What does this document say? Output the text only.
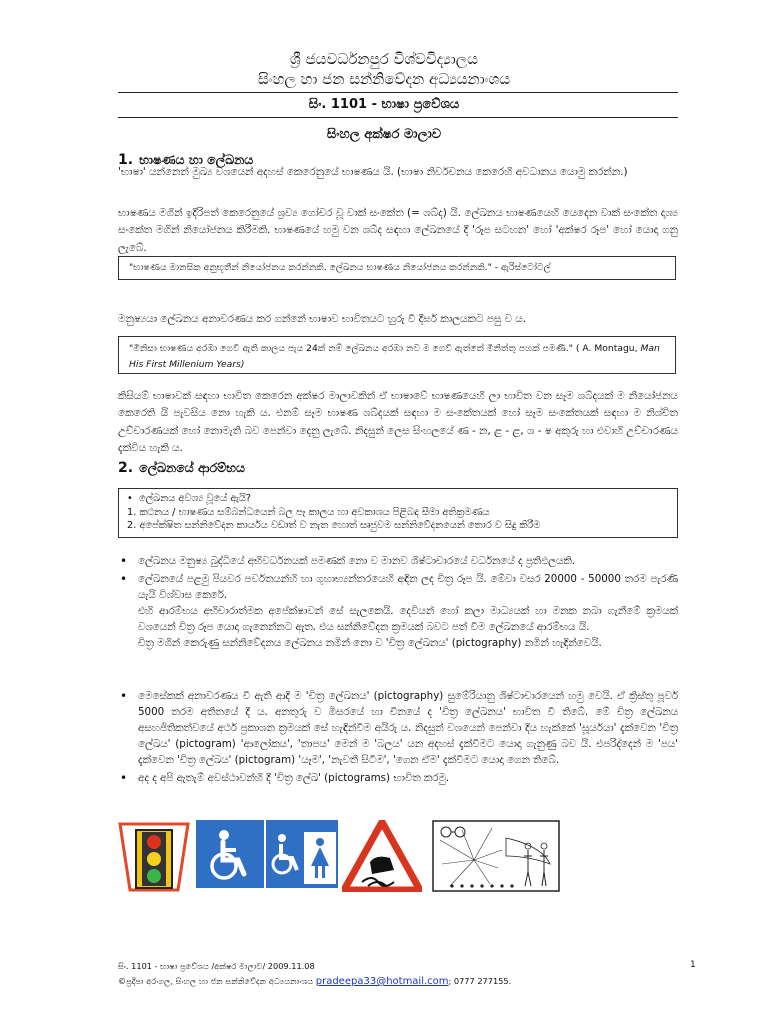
ශ්‍රී ජයවර්ධනපුර විශ්වවිද්‍යාලය
සිංහල හා ජන සන්නිවේදන අධ්‍යයනාංශය
සිං. 1101 - භාෂා ප්‍රවේශය
සිංහල අක්ෂර මාලාව
1. භාෂණය හා ලේඛනය
'භාෂා' යන්නෙන් මුඛ්‍ය වශයෙන් අදහස් කෙරෙනුයේ භාෂණය යි. (භාෂා නිර්වචනය කෙරෙහි අවධානය යොමු කරන්න.)
භාෂණය මගින් ඉදිරිපත් කෙරෙනුයේ ශ්‍රව්‍ය ගෝචර වූ වාක් සංකේත (= ශබ්ද) යි. ලේඛනය භාෂණයෙහි යෙදෙන වාක් සංකේත දෘශ්‍ය සංකේත මගින් නියෝජනය කිරීමකි. භාෂණයේ හමු වන ශබ්ද සඳහා ලේඛනයේ දී 'රූප සටහන' හෝ 'අක්ෂර රූප' හෝ යොදා ගනු ලැබේ.
"භාෂණය මානසික අනුභූතීන් නියෝජනය කරන්නකි. ලේඛනය භාෂණය නියෝජනය කරන්නකි." - ඇරිස්ටෝටල්
මනුෂ්‍යයා ලේඛනය අනාවරණය කර ගන්නේ භාෂාව භාවිතයට හුරු වී දීර්ඝ කාලයකට පසු ව ය.
"මිනිසා භාෂණය අරඹා ගෙවී ඇති කාලය පැය 24ක් නම් ලේඛනය අරඹා නව ම ගෙවී ඇත්තේ මිනිත්තු පහක් පමණි." ( A. Montagu, Man His First Millenium Years)
කිසියම් භාෂාවක් සඳහා භාවිත කෙරෙන අක්ෂර මාලාවකින් ඒ භාෂාවේ භාෂණයෙහි ලා භාවිත වන සෑම ශබ්දයක් ම නියෝජනය කෙරෙති යි පැවසිය නො හැකි ය. එනම් සෑම භාෂණ ශබ්දයක් සඳහා ම සංකේතයක් හෝ සෑම සංකේතයක් සඳහා ම නිශ්චිත උච්චාරණයක් හෝ නොමැති බව පෙන්වා දෙනු ලැබේ. නිදසුන් ලෙස සිංහලයේ ණ - න, ළ - ළ, ශ - ෂ අකුරු හා එවාහි උච්චාරණය දැක්විය හැකි ය.
2. ලේඛනයේ ආරම්භය
•  ලේඛනය අවශ්‍ය වූයේ ඇයි?
1. කථනය / භාෂණය සම්බන්ධයෙන් බල පෑ කාලය හා අවකාශය පිළිබඳ සීමා අතික්‍රමණය
2. අපේක්ෂිත සන්නිවේදන කාර්යය වඩාත් ව නැත හොත් සෘජුවම සන්නිවේදනයෙන් තොර ව සිදු කිරීම
• ලේඛනය මනුෂ්‍ය බුද්ධියේ අභිවර්ධනයක් පමණක් නො ව මානව ශිෂ්ටාචාරයේ වර්ධනයේ ද ප්‍රතිඵලයකි.
• ලේඛනයේ පළමු පියවර පර්වතයන්හි හා ගුහාභ්‍යන්තරයෙහි අඳින ලද චිත්‍ර රූප යි. මේවා වසර 20000 - 50000 තරම පැරණි යැයි විශ්වාස කෙරේ.
එහි ආරම්භය අභිචාරාත්මක අපේක්ෂාවන් සේ සැලකෙයි. දෙවියන් හෝ කලා මාධ්‍යයක් හා මනක නබා ගැනීමේ ක්‍රමයක් වශයෙන් චිත්‍ර රූප යොදා ගැනෙන්නට ඇත. එය සන්නිවේදන ක්‍රමයක් බවට පත් වීම ලේඛනයේ ආරම්භය යි.
චිත්‍ර මගින් කෙරුණු සන්නිවේදනය ලේඛනය නමින් නො ව 'චිත්‍ර ලේඛනය' (pictography) නමින් හැඳින්වෙයි.
• මෙසේකක් අනාවරණය වී ඇති ආදි ම 'චිත්‍ර ලේඛනය' (pictography) සුමේරියානු ශිෂ්ටාචාරයෙන් හමු වෙයි. ඒ ක්‍රිස්තු පූර්ව 5000 තරම අතීතයේ දී ය. අනතුරු ව මිසරයේ හා චීනයේ ද 'චිත්‍ර ලේඛනය' භාවිත වී තිබේ. මේ චිත්‍ර ලේඛනය අසහජිතිකත්වයේ අර්ථ ප්‍රකාශන ක්‍රමයක් සේ හැඳින්වීම අයිරු ය. නිදසුන් වශයෙන් පෙන්වා දිය හැක්කේ 'සූර්යයා' දැක්වෙන 'චිත්‍ර ලේඛය' (pictogram) 'ආලෝකය', 'තාපය' මෙන් ම 'බලය' යන අදහස් දැක්වීමට යොදා ගැනුණු බව යි. එපරිද්දෙන් ම 'පය' දැක්වෙන 'චිත්‍ර ලේඛය' (pictogram) 'යෑම', 'නැවතී සිටීම', 'ගෙන ඒම' දැක්වීමට යොදා ගෙන තිබේ.
• අද ද අපි ඇතැම් අවස්ථාවන්හි දී 'චිත්‍ර ලේඛ' (pictograms) භාවිත කරමු.
සිං. 1101 - භාෂා ප්‍රවේශය /අක්ෂර මාලාව/ 2009.11.08	1
©ප්‍රදීපා අරංගල, සිංහල හා ජන සන්නිවේදන අධ්‍යයනාංශය pradeepa33@hotmail.com; 0777 277155.
